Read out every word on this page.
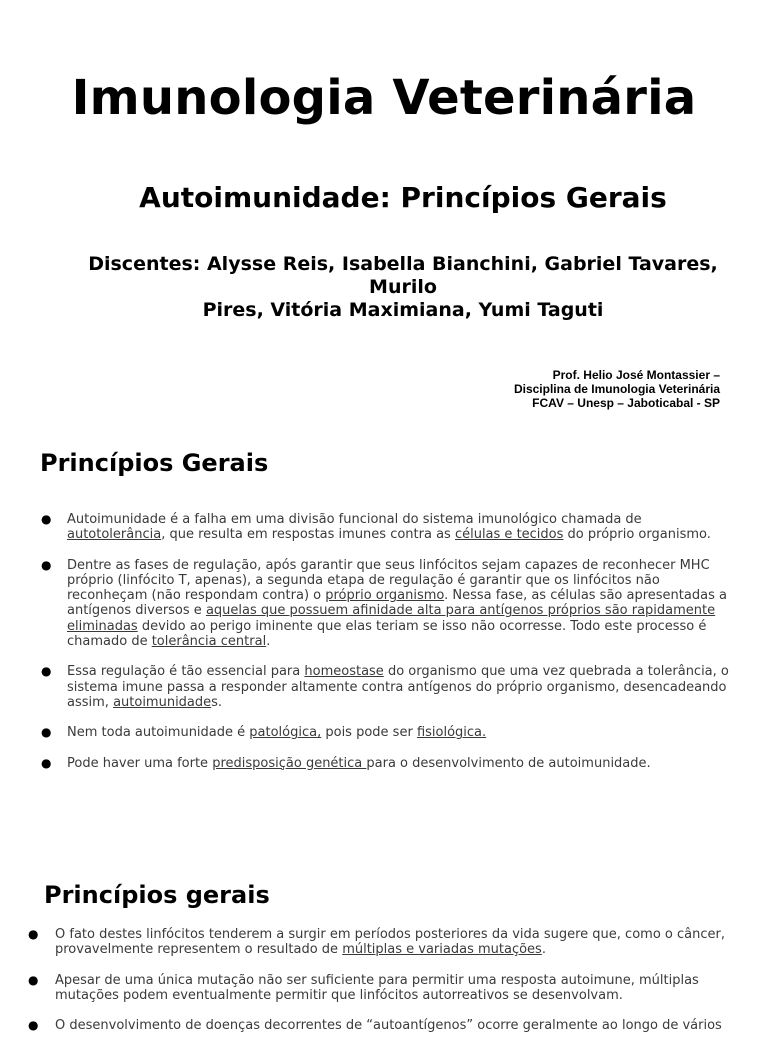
Imunologia Veterinária
Autoimunidade: Princípios Gerais
Discentes: Alysse Reis, Isabella Bianchini, Gabriel Tavares, Murilo
Pires, Vitória Maximiana, Yumi Taguti
Prof. Helio José Montassier –
Disciplina de Imunologia Veterinária
FCAV – Unesp – Jaboticabal - SP
Princípios Gerais
● Autoimunidade é a falha em uma divisão funcional do sistema imunológico chamada de autotolerância, que resulta em respostas imunes contra as células e tecidos do próprio organismo.
● Dentre as fases de regulação, após garantir que seus linfócitos sejam capazes de reconhecer MHC próprio (linfócito T, apenas), a segunda etapa de regulação é garantir que os linfócitos não reconheçam (não respondam contra) o próprio organismo. Nessa fase, as células são apresentadas a antígenos diversos e aquelas que possuem afinidade alta para antígenos próprios são rapidamente eliminadas devido ao perigo iminente que elas teriam se isso não ocorresse. Todo este processo é chamado de tolerância central.
● Essa regulação é tão essencial para homeostase do organismo que uma vez quebrada a tolerância, o sistema imune passa a responder altamente contra antígenos do próprio organismo, desencadeando assim, autoimunidades.
● Nem toda autoimunidade é patológica, pois pode ser fisiológica.
● Pode haver uma forte predisposição genética para o desenvolvimento de autoimunidade.
Princípios gerais
● O fato destes linfócitos tenderem a surgir em períodos posteriores da vida sugere que, como o câncer, provavelmente representem o resultado de múltiplas e variadas mutações.
● Apesar de uma única mutação não ser suficiente para permitir uma resposta autoimune, múltiplas mutações podem eventualmente permitir que linfócitos autorreativos se desenvolvam.
● O desenvolvimento de doenças decorrentes de “autoantígenos” ocorre geralmente ao longo de vários
